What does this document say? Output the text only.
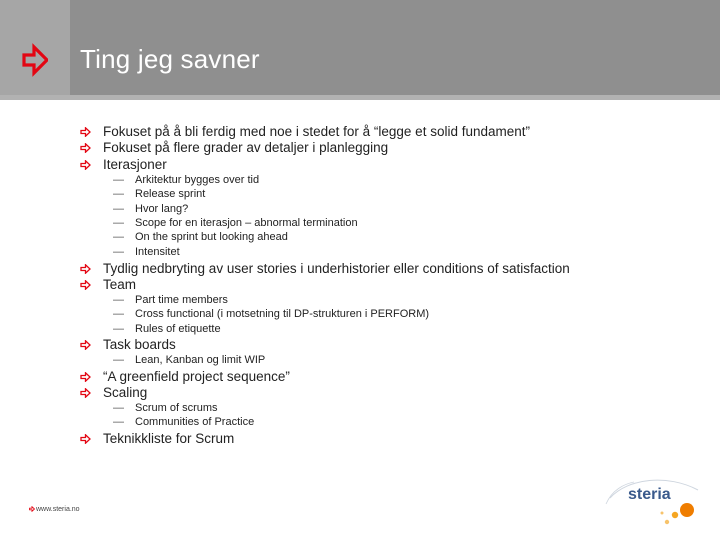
Ting jeg savner
Fokuset på å bli ferdig med noe i stedet for å “legge et solid fundament”
Fokuset på flere grader av detaljer i planlegging
Iterasjoner
— Arkitektur bygges over tid
— Release sprint
— Hvor lang?
— Scope for en iterasjon – abnormal termination
— On the sprint but looking ahead
— Intensitet
Tydlig nedbryting av user stories i underhistorier eller conditions of satisfaction
Team
— Part time members
— Cross functional (i motsetning til DP-strukturen i PERFORM)
— Rules of etiquette
Task boards
— Lean, Kanban og limit WIP
“A greenfield project sequence”
Scaling
— Scrum of scrums
— Communities of Practice
Teknikkliste for Scrum
www.steria.no
steria
